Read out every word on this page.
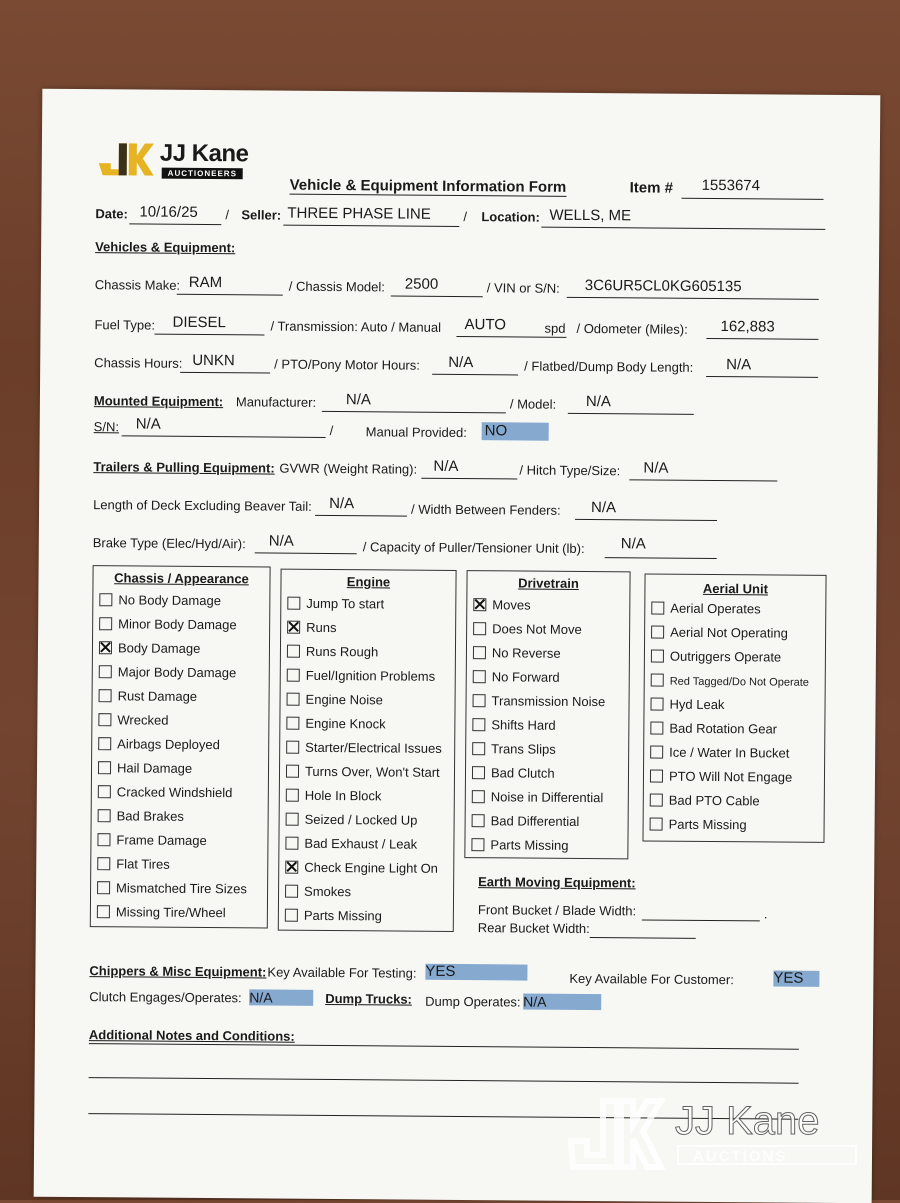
JJ Kane
AUCTIONEERS
Vehicle & Equipment Information Form	Item # 1553674
Date: 10/16/25 / Seller: THREE PHASE LINE / Location: WELLS, ME
Vehicles & Equipment:
Chassis Make: RAM	/ Chassis Model: 2500	/ VIN or S/N: 3C6UR5CL0KG605135
Fuel Type: DIESEL	/ Transmission: Auto / Manual AUTO	spd / Odometer (Miles): 162,883
Chassis Hours: UNKN	/ PTO/Pony Motor Hours: N/A	/ Flatbed/Dump Body Length: N/A
Mounted Equipment: Manufacturer: N/A	/ Model: N/A
S/N: N/A	/ Manual Provided: NO
Trailers & Pulling Equipment: GVWR (Weight Rating): N/A	/ Hitch Type/Size: N/A
Length of Deck Excluding Beaver Tail: N/A	/ Width Between Fenders: N/A
Brake Type (Elec/Hyd/Air): N/A	/ Capacity of Puller/Tensioner Unit (lb): N/A
Chassis / Appearance
No Body Damage
Minor Body Damage
Body Damage
Major Body Damage
Rust Damage
Wrecked
Airbags Deployed
Hail Damage
Cracked Windshield
Bad Brakes
Frame Damage
Flat Tires
Mismatched Tire Sizes
Missing Tire/Wheel
Engine
Jump To start
Runs
Runs Rough
Fuel/Ignition Problems
Engine Noise
Engine Knock
Starter/Electrical Issues
Turns Over, Won't Start
Hole In Block
Seized / Locked Up
Bad Exhaust / Leak
Check Engine Light On
Smokes
Parts Missing
Drivetrain
Moves
Does Not Move
No Reverse
No Forward
Transmission Noise
Shifts Hard
Trans Slips
Bad Clutch
Noise in Differential
Bad Differential
Parts Missing
Aerial Unit
Aerial Operates
Aerial Not Operating
Outriggers Operate
Red Tagged/Do Not Operate
Hyd Leak
Bad Rotation Gear
Ice / Water In Bucket
PTO Will Not Engage
Bad PTO Cable
Parts Missing
Earth Moving Equipment:
Front Bucket / Blade Width:	.
Rear Bucket Width:
Chippers & Misc Equipment: Key Available For Testing: YES	Key Available For Customer:	YES
Clutch Engages/Operates: N/A	Dump Trucks: Dump Operates: N/A
Additional Notes and Conditions:
JJ Kane
AUCTIONS
